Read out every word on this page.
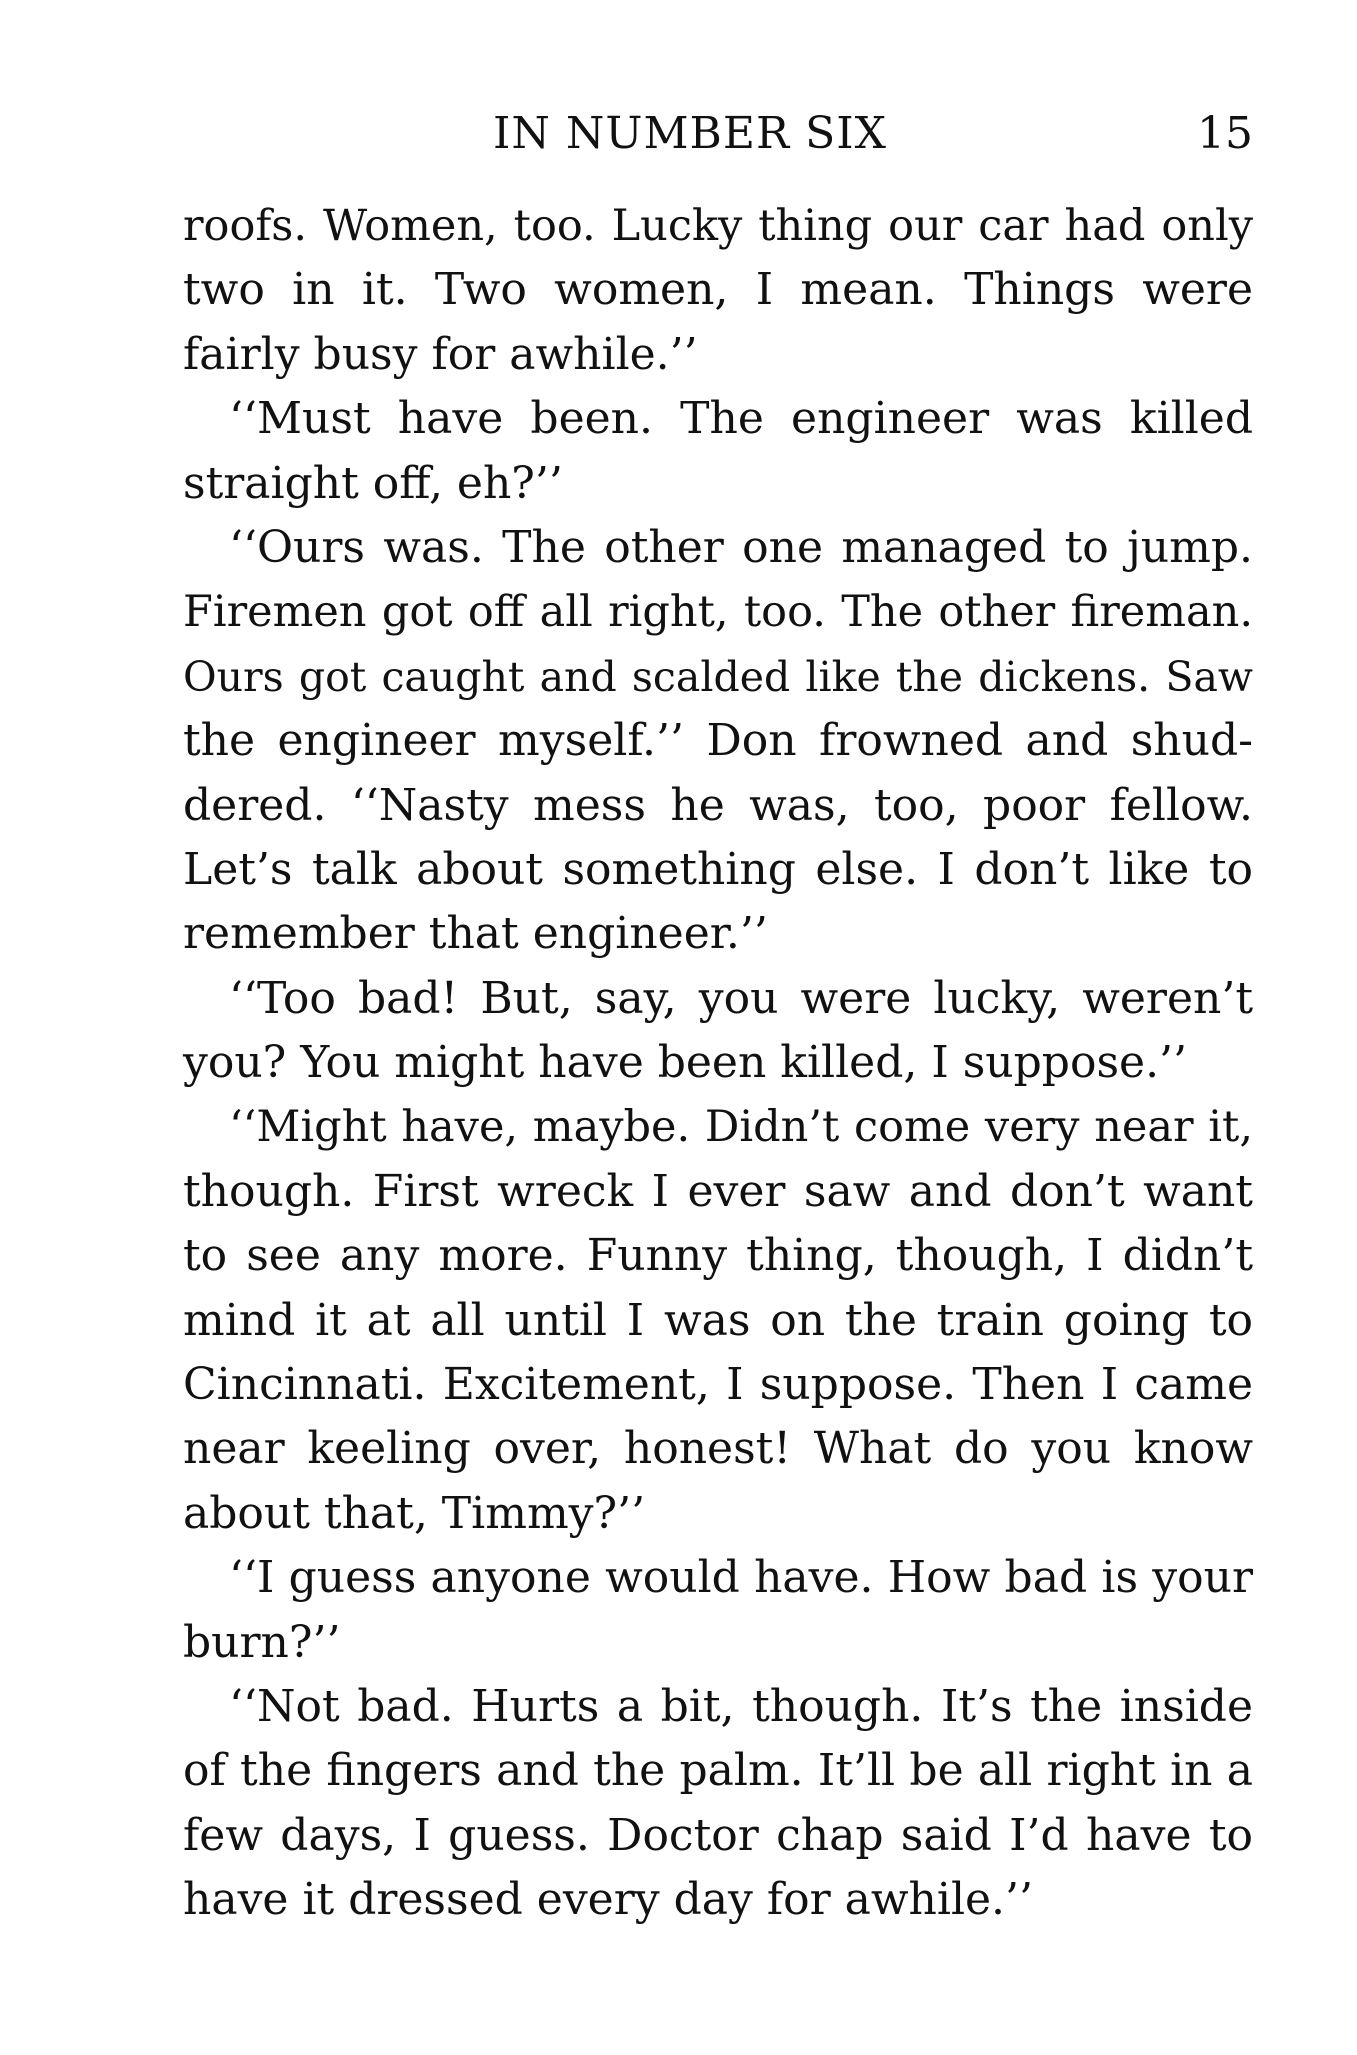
IN NUMBER SIX	15
roofs. Women, too. Lucky thing our car had only
two in it. Two women, I mean. Things were
fairly busy for awhile.’’
‘‘Must have been. The engineer was killed
straight off, eh?’’
‘‘Ours was. The other one managed to jump.
Firemen got off all right, too. The other fireman.
Ours got caught and scalded like the dickens. Saw
the engineer myself.’’ Don frowned and shud-
dered. ‘‘Nasty mess he was, too, poor fellow.
Let’s talk about something else. I don’t like to
remember that engineer.’’
‘‘Too bad! But, say, you were lucky, weren’t
you? You might have been killed, I suppose.’’
‘‘Might have, maybe. Didn’t come very near it,
though. First wreck I ever saw and don’t want
to see any more. Funny thing, though, I didn’t
mind it at all until I was on the train going to
Cincinnati. Excitement, I suppose. Then I came
near keeling over, honest! What do you know
about that, Timmy?’’
‘‘I guess anyone would have. How bad is your
burn?’’
‘‘Not bad. Hurts a bit, though. It’s the inside
of the fingers and the palm. It’ll be all right in a
few days, I guess. Doctor chap said I’d have to
have it dressed every day for awhile.’’
